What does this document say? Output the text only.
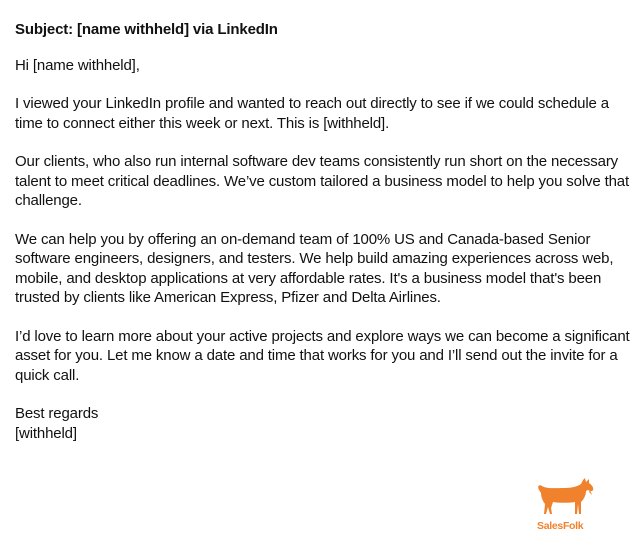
Subject: [name withheld] via LinkedIn
Hi [name withheld],

I viewed your LinkedIn profile and wanted to reach out directly to see if we could schedule a time to connect either this week or next. This is [withheld].

Our clients, who also run internal software dev teams consistently run short on the necessary talent to meet critical deadlines. We’ve custom tailored a business model to help you solve that challenge.

We can help you by offering an on-demand team of 100% US and Canada-based Senior software engineers, designers, and testers. We help build amazing experiences across web, mobile, and desktop applications at very affordable rates. It's a business model that's been trusted by clients like American Express, Pfizer and Delta Airlines.

I’d love to learn more about your active projects and explore ways we can become a significant asset for you. Let me know a date and time that works for you and I’ll send out the invite for a quick call.

Best regards
[withheld]
SalesFolk
